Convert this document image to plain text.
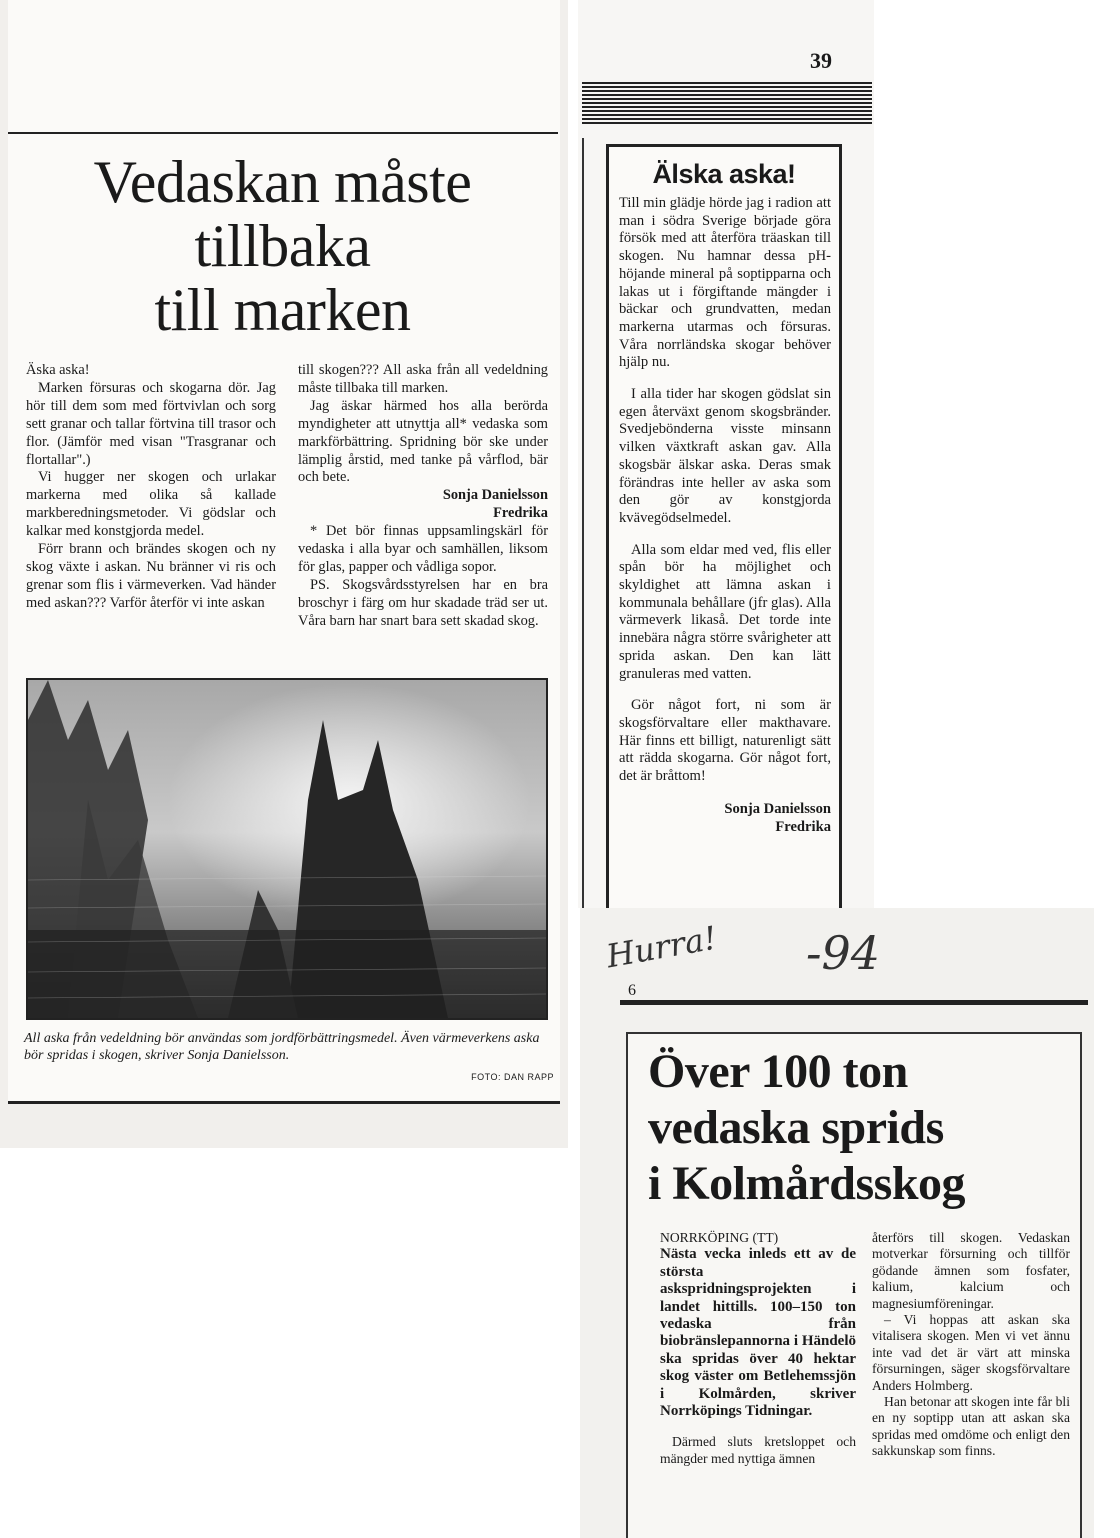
Vedaskan måste
tillbaka
till marken

Äska aska!

Marken försuras och skogarna dör. Jag hör till dem som med förtvivlan och sorg sett granar och tallar förtvina till trasor och flor. (Jämför med visan "Trasgranar och flortallar".)

Vi hugger ner skogen och urlakar markerna med olika så kallade markberedningsmetoder. Vi gödslar och kalkar med konstgjorda medel.

Förr brann och brändes skogen och ny skog växte i askan. Nu bränner vi ris och grenar som flis i värmeverken. Vad händer med askan??? Varför återför vi inte askan

till skogen??? All aska från all vedeldning måste tillbaka till marken.

Jag äskar härmed hos alla berörda myndigheter att utnyttja all* vedaska som markförbättring. Spridning bör ske under lämplig årstid, med tanke på vårflod, bär och bete.

Sonja Danielsson

Fredrika

* Det bör finnas uppsamlingskärl för vedaska i alla byar och samhällen, liksom för glas, papper och vådliga sopor.

PS. Skogsvårdsstyrelsen har en bra broschyr i färg om hur skadade träd ser ut. Våra barn har snart bara sett skadad skog.

All aska från vedeldning bör användas som jordförbättringsmedel. Även värmeverkens aska bör spridas i skogen, skriver Sonja Danielsson.

FOTO: DAN RAPP
39
Älska aska!

Till min glädje hörde jag i radion att man i södra Sverige började göra försök med att återföra träaskan till skogen. Nu hamnar dessa pH-höjande mineral på soptipparna och lakas ut i förgiftande mängder i bäckar och grundvatten, medan markerna utarmas och försuras. Våra norrländska skogar behöver hjälp nu.

I alla tider har skogen gödslat sin egen återväxt genom skogsbränder. Svedjebönderna visste minsann vilken växtkraft askan gav. Alla skogsbär älskar aska. Deras smak förändras inte heller av aska som den gör av konstgjorda kvävegödselmedel.

Alla som eldar med ved, flis eller spån bör ha möjlighet och skyldighet att lämna askan i kommunala behållare (jfr glas). Alla värmeverk likaså. Det torde inte innebära några större svårigheter att sprida askan. Den kan lätt granuleras med vatten.

Gör något fort, ni som är skogsförvaltare eller makthavare. Här finns ett billigt, naturenligt sätt att rädda skogarna. Gör något fort, det är bråttom!

Sonja Danielsson

Fredrika

Hurra! -94
6
Över 100 ton
vedaska sprids
i Kolmårdsskog

NORRKÖPING (TT)

Nästa vecka inleds ett av de största askspridningsprojekten i landet hittills. 100–150 ton vedaska från biobränslepannorna i Händelö ska spridas över 40 hektar skog väster om Betlehemssjön i Kolmården, skriver Norrköpings Tidningar.

Därmed sluts kretsloppet och mängder med nyttiga ämnen

återförs till skogen. Vedaskan motverkar försurning och tillför gödande ämnen som fosfater, kalium, kalcium och magnesiumföreningar.

– Vi hoppas att askan ska vitalisera skogen. Men vi vet ännu inte vad det är värt att minska försurningen, säger skogsförvaltare Anders Holmberg.

Han betonar att skogen inte får bli en ny soptipp utan att askan ska spridas med omdöme och enligt den sakkunskap som finns.
